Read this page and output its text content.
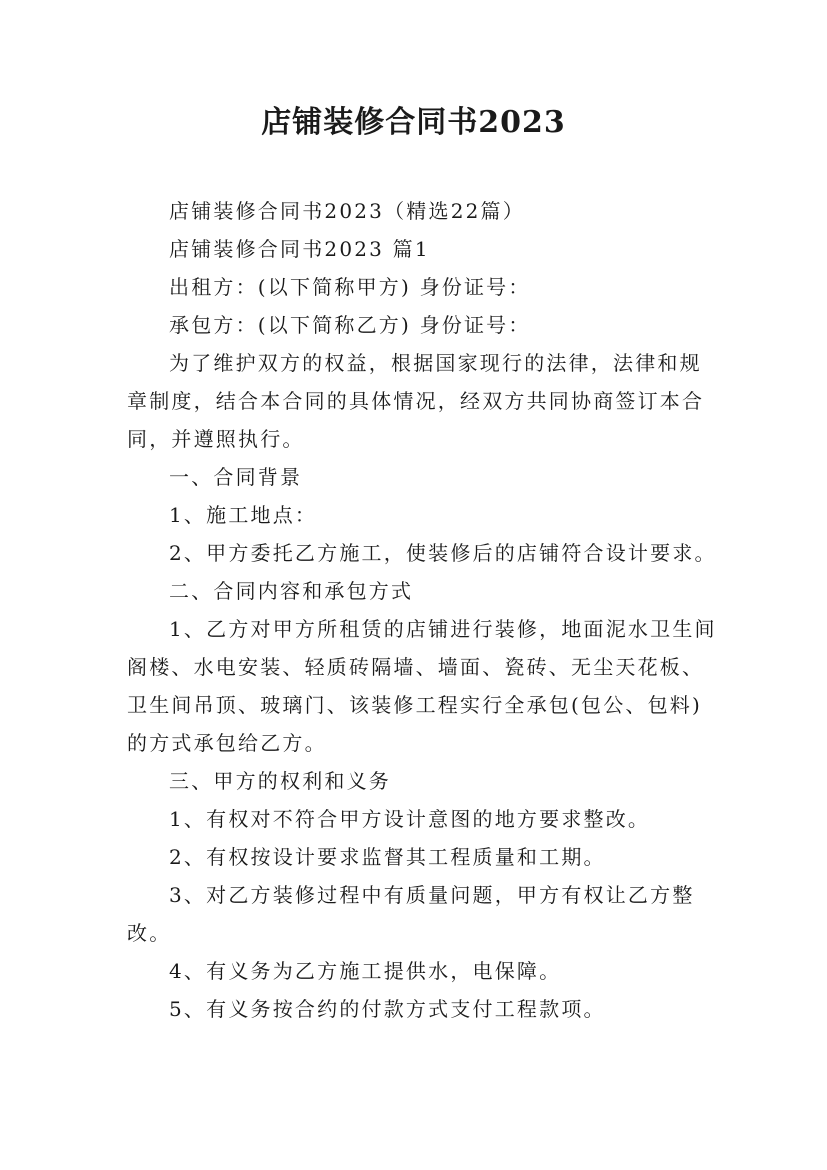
店铺装修合同书2023

店铺装修合同书2023（精选22篇）

店铺装修合同书2023 篇1

出租方：(以下简称甲方) 身份证号：

承包方：(以下简称乙方) 身份证号：

为了维护双方的权益，根据国家现行的法律，法律和规章制度，结合本合同的具体情况，经双方共同协商签订本合同，并遵照执行。

一、合同背景

1、施工地点：

2、甲方委托乙方施工，使装修后的店铺符合设计要求。

二、合同内容和承包方式

1、乙方对甲方所租赁的店铺进行装修，地面泥水卫生间阁楼、水电安装、轻质砖隔墙、墙面、瓷砖、无尘天花板、卫生间吊顶、玻璃门、该装修工程实行全承包(包公、包料)的方式承包给乙方。

三、甲方的权利和义务

1、有权对不符合甲方设计意图的地方要求整改。

2、有权按设计要求监督其工程质量和工期。

3、对乙方装修过程中有质量问题，甲方有权让乙方整改。

4、有义务为乙方施工提供水，电保障。

5、有义务按合约的付款方式支付工程款项。
